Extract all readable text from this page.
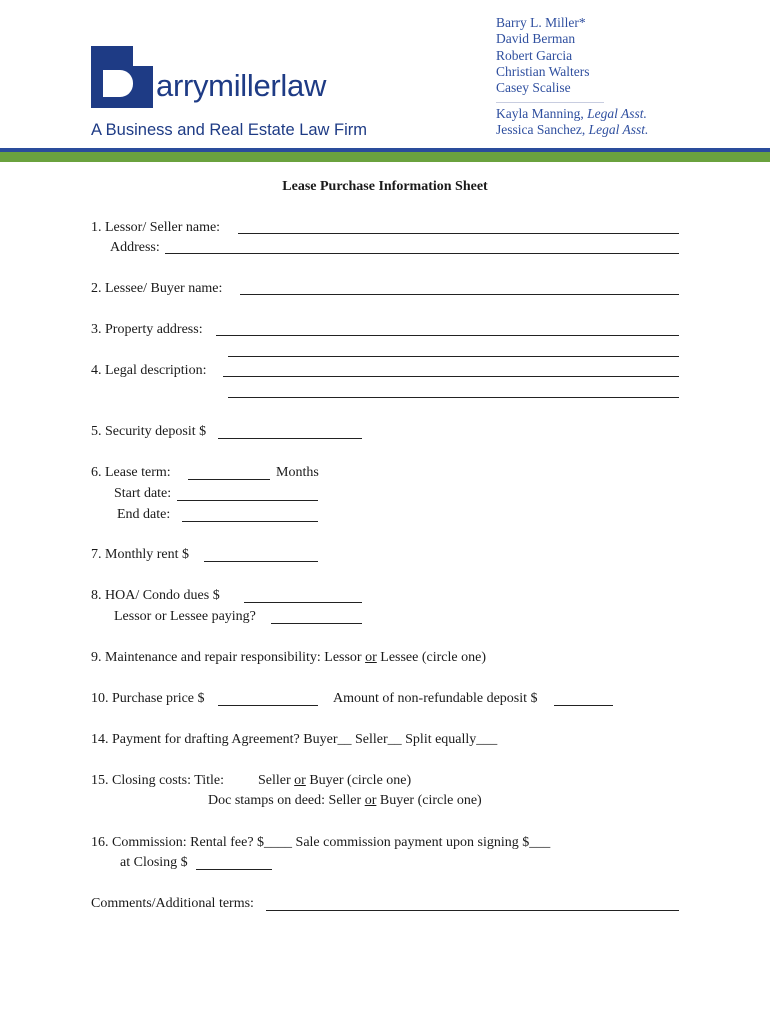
arrymillerlaw
A Business and Real Estate Law Firm
Barry L. Miller*
David Berman
Robert Garcia
Christian Walters
Casey Scalise
Kayla Manning, Legal Asst.
Jessica Sanchez, Legal Asst.
Lease Purchase Information Sheet
1. Lessor/ Seller name:
Address:
2. Lessee/ Buyer name:
3. Property address:
4. Legal description:
5. Security deposit $
6. Lease term:	Months
Start date:
End date:
7. Monthly rent $
8. HOA/ Condo dues $
Lessor or Lessee paying?
9. Maintenance and repair responsibility: Lessor or Lessee (circle one)
10. Purchase price $	Amount of non-refundable deposit $
14. Payment for drafting Agreement? Buyer__ Seller__ Split equally___
15. Closing costs: Title: Seller or Buyer (circle one)
Doc stamps on deed: Seller or Buyer (circle one)
16. Commission: Rental fee? $____ Sale commission payment upon signing $___
at Closing $
Comments/Additional terms:
